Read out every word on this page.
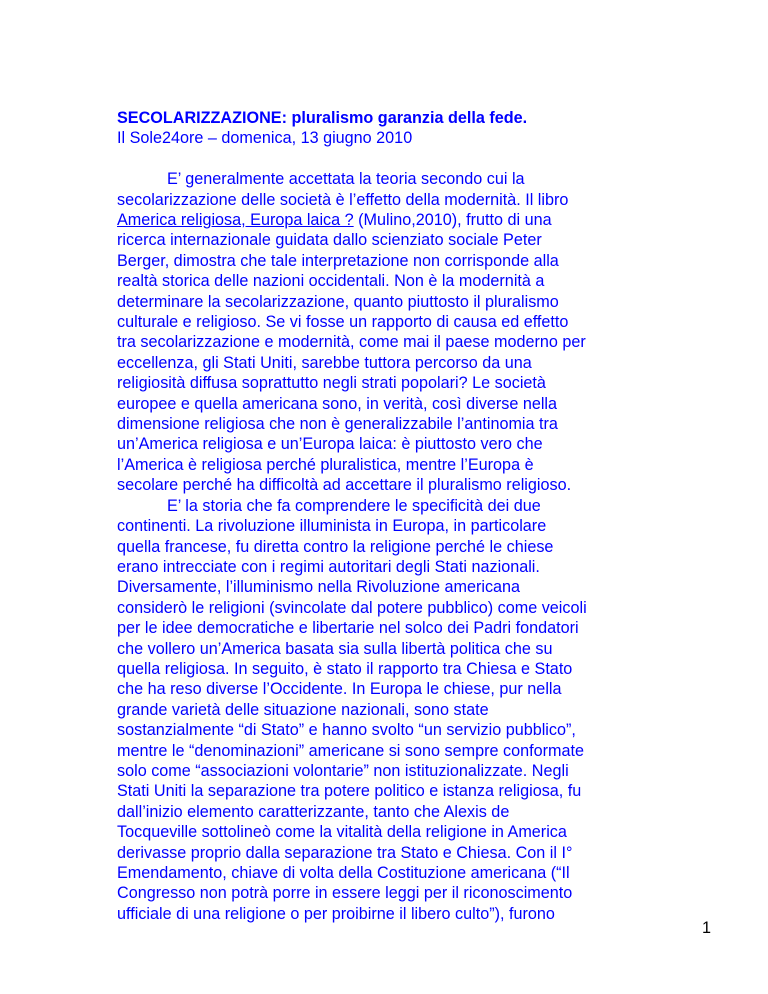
SECOLARIZZAZIONE: pluralismo garanzia della fede.
Il Sole24ore – domenica, 13 giugno 2010
E’ generalmente accettata la teoria secondo cui la
secolarizzazione delle società è l’effetto della modernità. Il libro
America religiosa, Europa laica ? (Mulino,2010), frutto di una
ricerca internazionale guidata dallo scienziato sociale Peter
Berger, dimostra che tale interpretazione non corrisponde alla
realtà storica delle nazioni occidentali. Non è la modernità a
determinare la secolarizzazione, quanto piuttosto il pluralismo
culturale e religioso. Se vi fosse un rapporto di causa ed effetto
tra secolarizzazione e modernità, come mai il paese moderno per
eccellenza, gli Stati Uniti, sarebbe tuttora percorso da una
religiosità diffusa soprattutto negli strati popolari? Le società
europee e quella americana sono, in verità, così diverse nella
dimensione religiosa che non è generalizzabile l’antinomia tra
un’America religiosa e un’Europa laica: è piuttosto vero che
l’America è religiosa perché pluralistica, mentre l’Europa è
secolare perché ha difficoltà ad accettare il pluralismo religioso.
E’ la storia che fa comprendere le specificità dei due
continenti. La rivoluzione illuminista in Europa, in particolare
quella francese, fu diretta contro la religione perché le chiese
erano intrecciate con i regimi autoritari degli Stati nazionali.
Diversamente, l’illuminismo nella Rivoluzione americana
considerò le religioni (svincolate dal potere pubblico) come veicoli
per le idee democratiche e libertarie nel solco dei Padri fondatori
che vollero un’America basata sia sulla libertà politica che su
quella religiosa. In seguito, è stato il rapporto tra Chiesa e Stato
che ha reso diverse l’Occidente. In Europa le chiese, pur nella
grande varietà delle situazione nazionali, sono state
sostanzialmente “di Stato” e hanno svolto “un servizio pubblico”,
mentre le “denominazioni” americane si sono sempre conformate
solo come “associazioni volontarie” non istituzionalizzate. Negli
Stati Uniti la separazione tra potere politico e istanza religiosa, fu
dall’inizio elemento caratterizzante, tanto che Alexis de
Tocqueville sottolineò come la vitalità della religione in America
derivasse proprio dalla separazione tra Stato e Chiesa. Con il I°
Emendamento, chiave di volta della Costituzione americana (“Il
Congresso non potrà porre in essere leggi per il riconoscimento
ufficiale di una religione o per proibirne il libero culto”), furono
1
